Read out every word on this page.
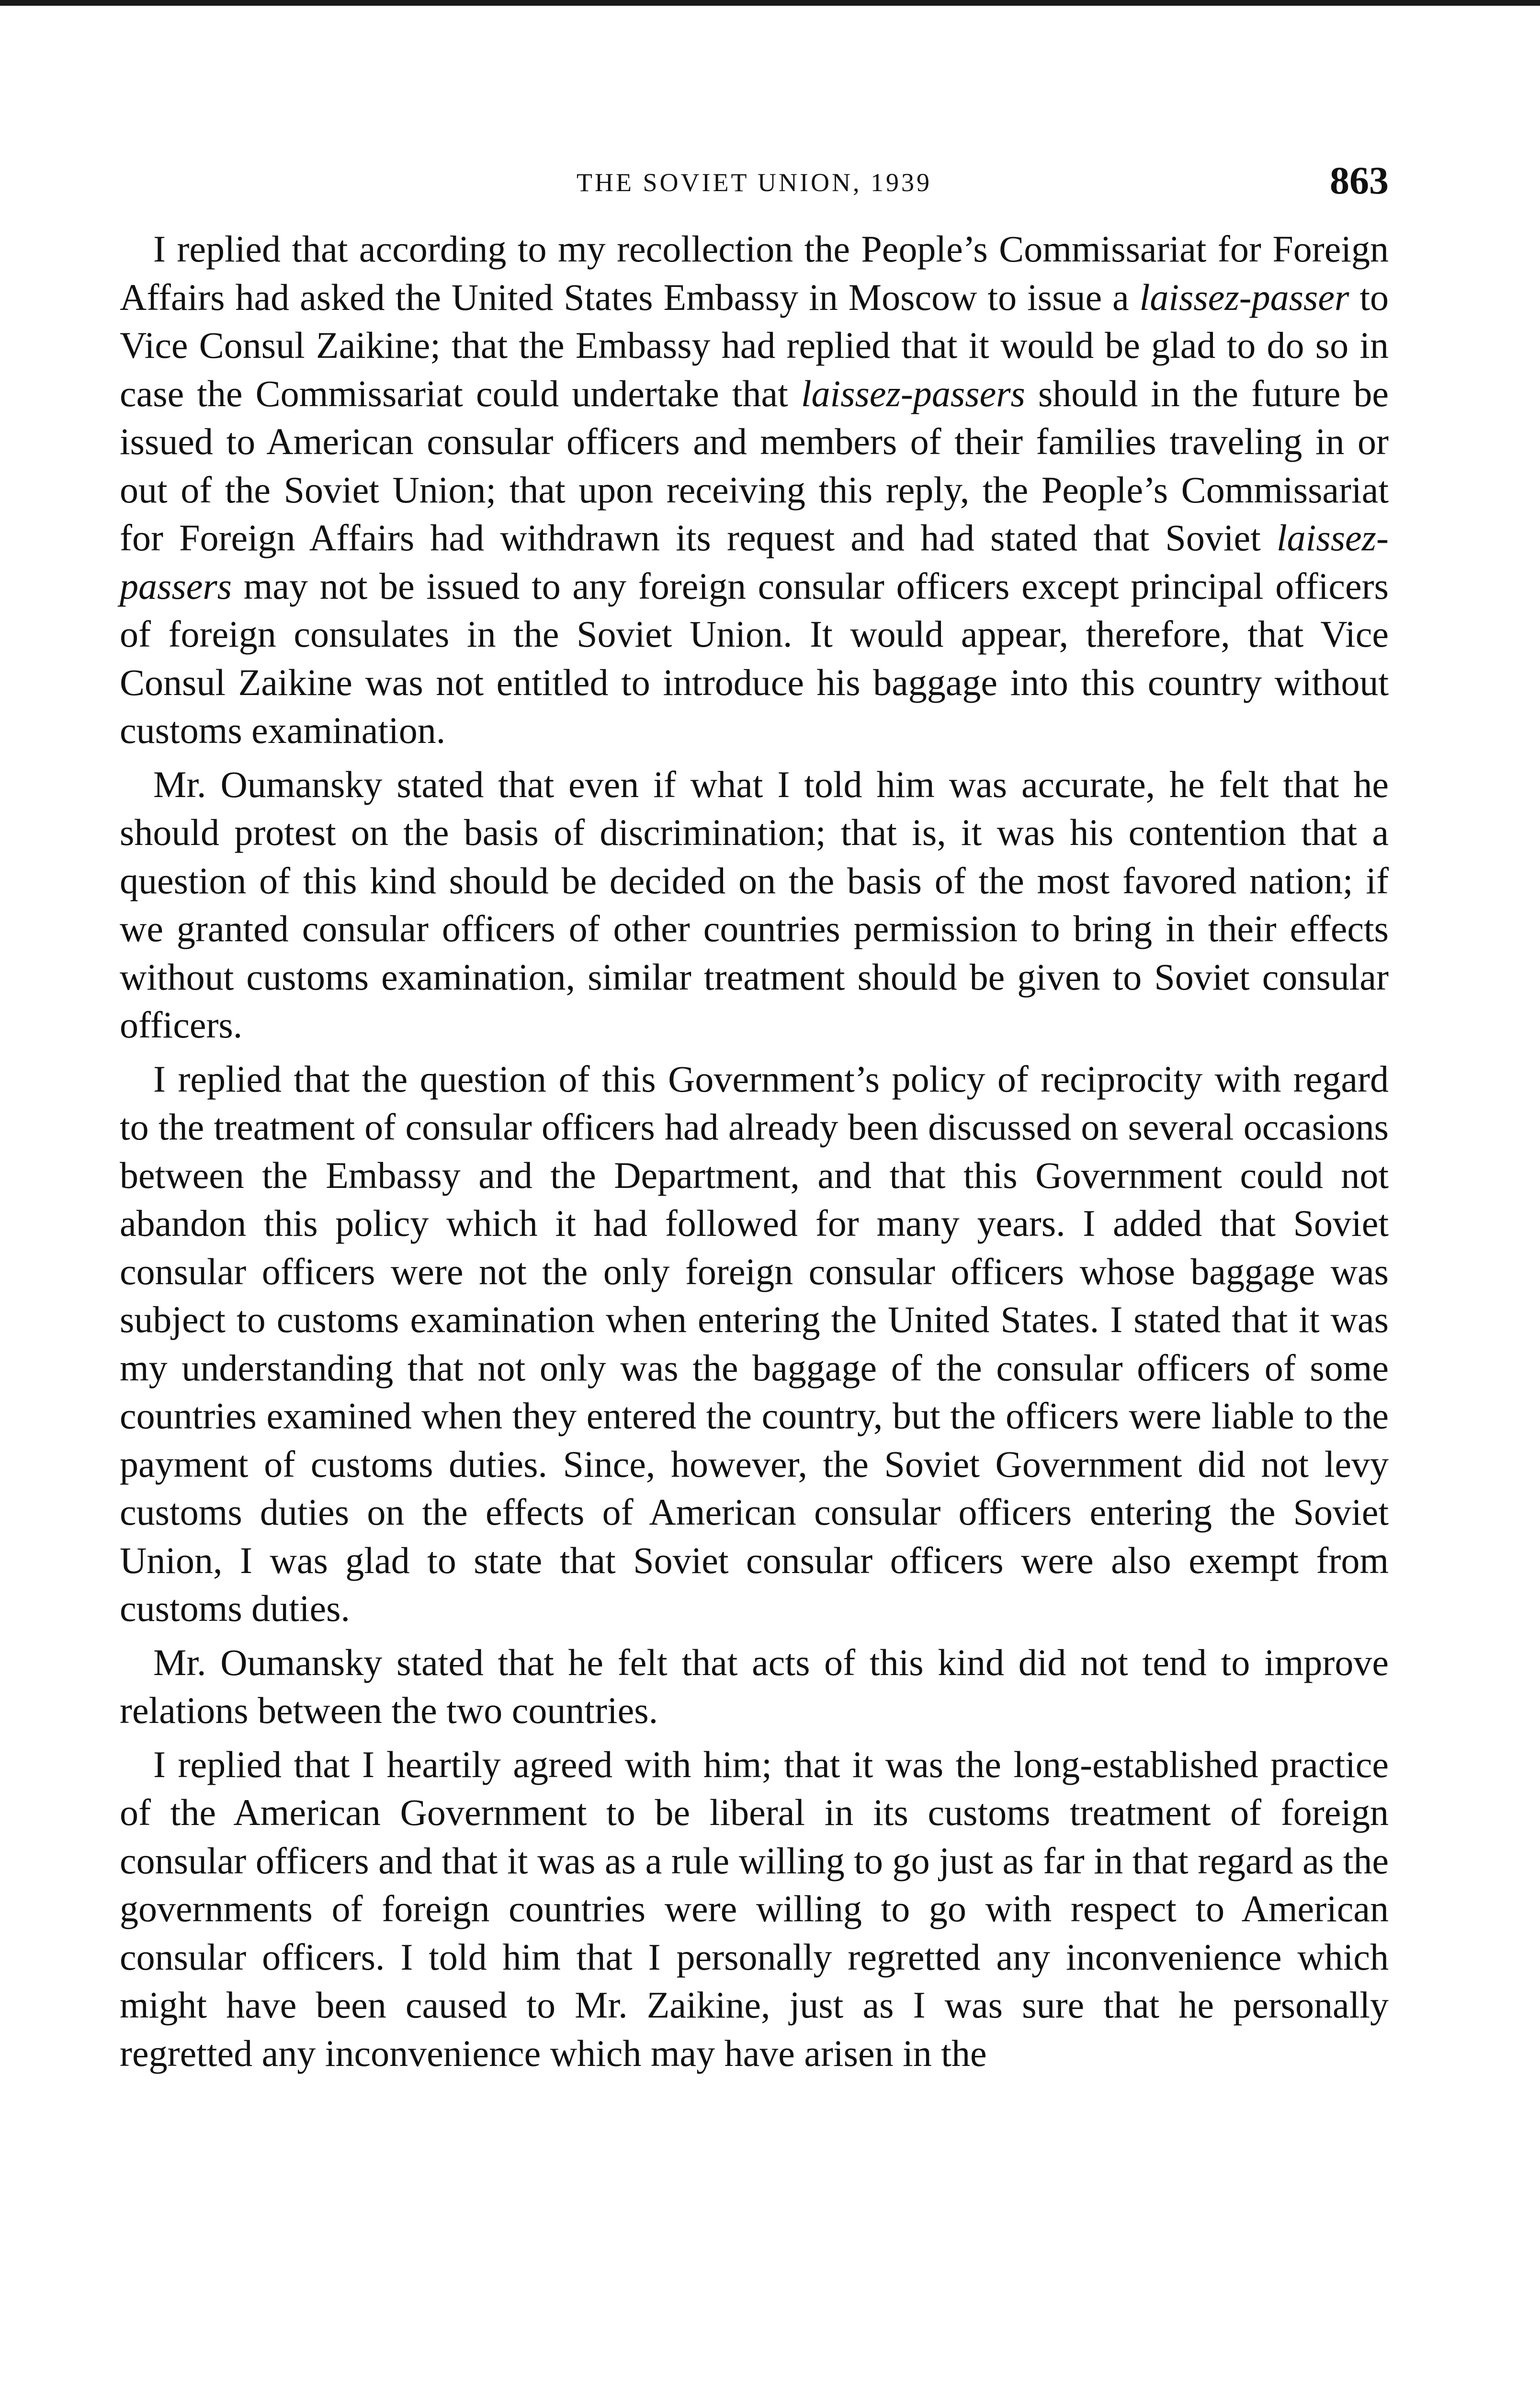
THE SOVIET UNION, 1939	863

I replied that according to my recollection the People’s Commissariat for Foreign Affairs had asked the United States Embassy in Moscow to issue a laissez-passer to Vice Consul Zaikine; that the Embassy had replied that it would be glad to do so in case the Commissariat could undertake that laissez-passers should in the future be issued to American consular officers and members of their families traveling in or out of the Soviet Union; that upon receiving this reply, the People’s Commissariat for Foreign Affairs had withdrawn its request and had stated that Soviet laissez-passers may not be issued to any foreign consular officers except principal officers of foreign consulates in the Soviet Union. It would appear, therefore, that Vice Consul Zaikine was not entitled to introduce his baggage into this country without customs examination.

Mr. Oumansky stated that even if what I told him was accurate, he felt that he should protest on the basis of discrimination; that is, it was his contention that a question of this kind should be decided on the basis of the most favored nation; if we granted consular officers of other countries permission to bring in their effects without customs examination, similar treatment should be given to Soviet consular officers.

I replied that the question of this Government’s policy of reciprocity with regard to the treatment of consular officers had already been discussed on several occasions between the Embassy and the Department, and that this Government could not abandon this policy which it had followed for many years. I added that Soviet consular officers were not the only foreign consular officers whose baggage was subject to customs examination when entering the United States. I stated that it was my understanding that not only was the baggage of the consular officers of some countries examined when they entered the country, but the officers were liable to the payment of customs duties. Since, however, the Soviet Government did not levy customs duties on the effects of American consular officers entering the Soviet Union, I was glad to state that Soviet consular officers were also exempt from customs duties.

Mr. Oumansky stated that he felt that acts of this kind did not tend to improve relations between the two countries.

I replied that I heartily agreed with him; that it was the long-established practice of the American Government to be liberal in its customs treatment of foreign consular officers and that it was as a rule willing to go just as far in that regard as the governments of foreign countries were willing to go with respect to American consular officers. I told him that I personally regretted any inconvenience which might have been caused to Mr. Zaikine, just as I was sure that he personally regretted any inconvenience which may have arisen in the
